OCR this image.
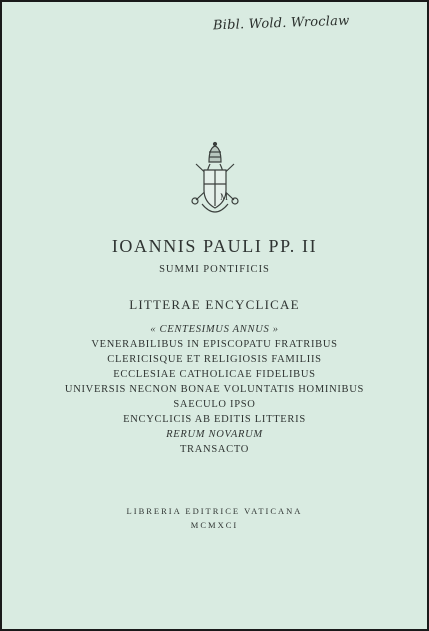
Bibl. Wold. Wroclaw
M
IOANNIS PAULI PP. II
SUMMI PONTIFICIS
LITTERAE ENCYCLICAE
« CENTESIMUS ANNUS »
VENERABILIBUS IN EPISCOPATU FRATRIBUS
CLERICISQUE ET RELIGIOSIS FAMILIIS
ECCLESIAE CATHOLICAE FIDELIBUS
UNIVERSIS NECNON BONAE VOLUNTATIS HOMINIBUS
SAECULO IPSO
ENCYCLICIS AB EDITIS LITTERIS
RERUM NOVARUM
TRANSACTO
LIBRERIA EDITRICE VATICANA
MCMXCI
